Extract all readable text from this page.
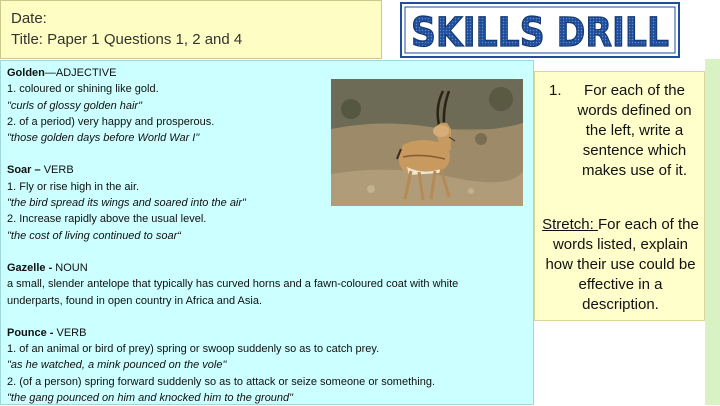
Date:
Title: Paper 1 Questions 1, 2 and 4	SKILLS DRILL

Golden—ADJECTIVE

1. coloured or shining like gold.

"curls of glossy golden hair"

2. of a period) very happy and prosperous.

"those golden days before World War I"

Soar – VERB

1. Fly or rise high in the air.

"the bird spread its wings and soared into the air"

2. Increase rapidly above the usual level.

"the cost of living continued to soar“

Gazelle - NOUN

a small, slender antelope that typically has curved horns and a fawn-coloured coat with white

underparts, found in open country in Africa and Asia.

Pounce - VERB

1. of an animal or bird of prey) spring or swoop suddenly so as to catch prey.

"as he watched, a mink pounced on the vole"

2. (of a person) spring forward suddenly so as to attack or seize someone or something.

"the gang pounced on him and knocked him to the ground"

1.	For each of the words defined on the left, write a sentence which makes use of it.
Stretch: For each of the words listed, explain how their use could be effective in a description.
